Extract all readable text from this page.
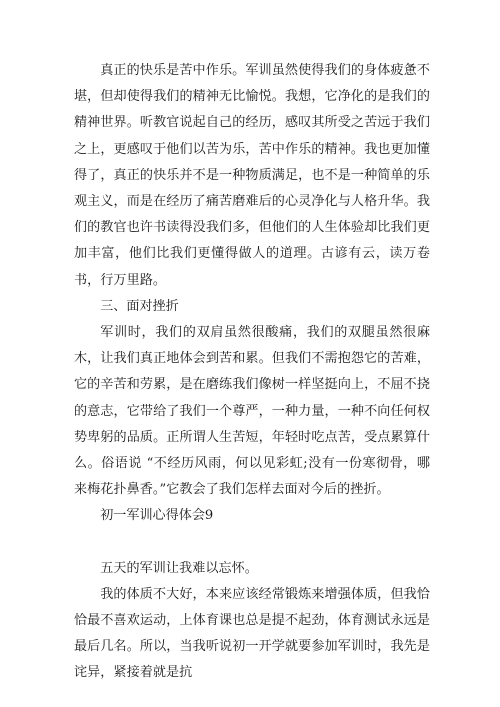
真正的快乐是苦中作乐。军训虽然使得我们的身体疲惫不堪，但却使得我们的精神无比愉悦。我想，它净化的是我们的精神世界。听教官说起自己的经历，感叹其所受之苦远于我们之上，更感叹于他们以苦为乐，苦中作乐的精神。我也更加懂得了，真正的快乐并不是一种物质满足，也不是一种简单的乐观主义，而是在经历了痛苦磨难后的心灵净化与人格升华。我们的教官也许书读得没我们多，但他们的人生体验却比我们更加丰富，他们比我们更懂得做人的道理。古谚有云，读万卷书，行万里路。

三、面对挫折

军训时，我们的双肩虽然很酸痛，我们的双腿虽然很麻木，让我们真正地体会到苦和累。但我们不需抱怨它的苦难，它的辛苦和劳累，是在磨练我们像树一样坚挺向上，不屈不挠的意志，它带给了我们一个尊严，一种力量，一种不向任何权势卑躬的品质。正所谓人生苦短，年轻时吃点苦，受点累算什么。俗语说 “不经历风雨，何以见彩虹;没有一份寒彻骨，哪来梅花扑鼻香。”它教会了我们怎样去面对今后的挫折。

初一军训心得体会9

五天的军训让我难以忘怀。

我的体质不大好，本来应该经常锻炼来增强体质，但我恰恰最不喜欢运动，上体育课也总是提不起劲，体育测试永远是最后几名。所以，当我听说初一开学就要参加军训时，我先是诧异，紧接着就是抗
